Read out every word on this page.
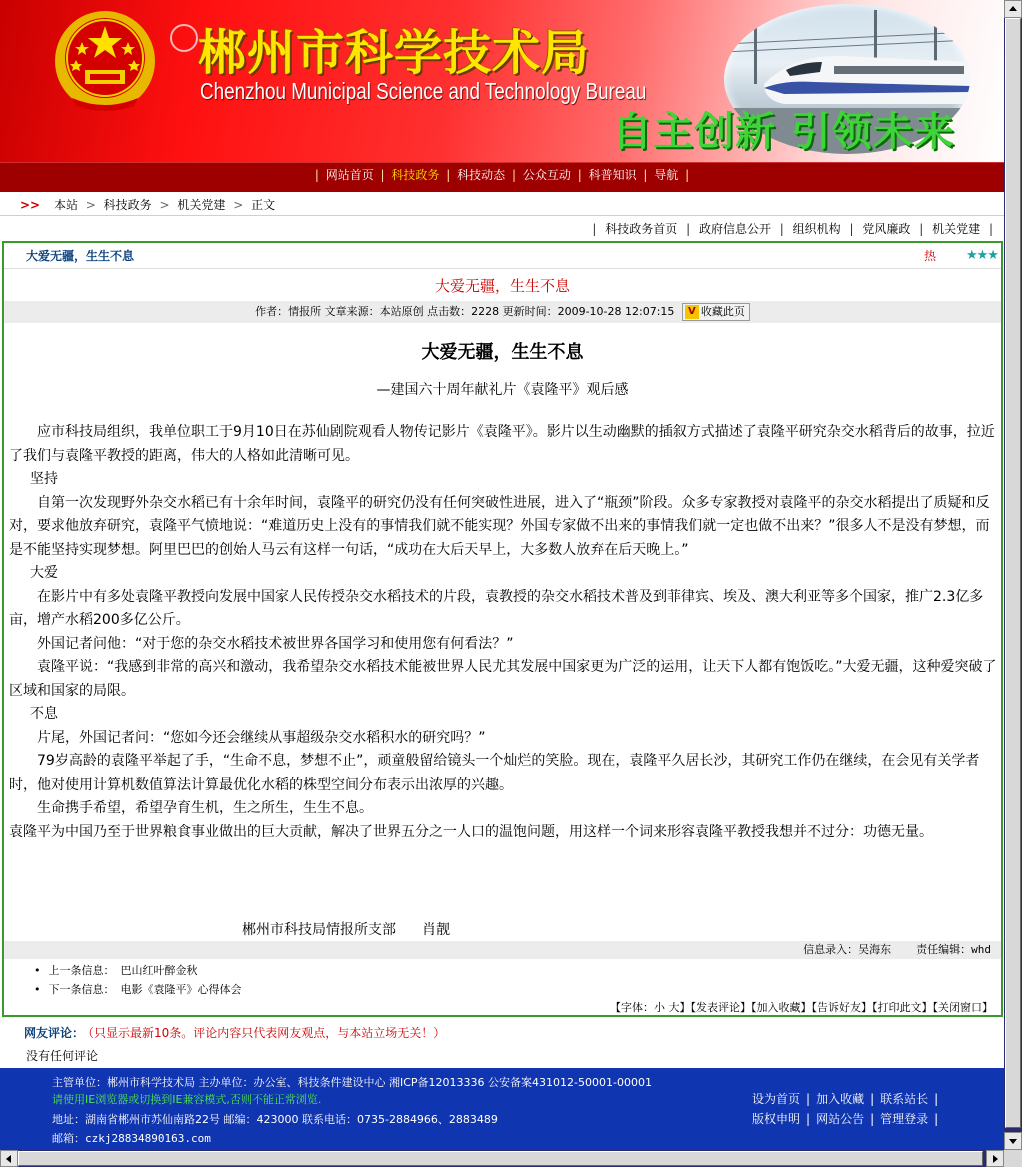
郴州市科学技术局
Chenzhou Municipal Science and Technology Bureau
自主创新 引领未来
| 网站首页 | 科技政务 | 科技动态 | 公众互动 | 科普知识 | 导航 |
>> 本站 > 科技政务 > 机关党建 > 正文
| 科技政务首页 | 政府信息公开 | 组织机构 | 党风廉政 | 机关党建 |
大爱无疆，生生不息	热 ★★★
大爱无疆，生生不息
作者：情报所 文章来源：本站原创 点击数：2228 更新时间：2009-10-28 12:07:15 V 收藏此页
大爱无疆，生生不息
—建国六十周年献礼片《袁隆平》观后感

应市科技局组织，我单位职工于9月10日在苏仙剧院观看人物传记影片《袁隆平》。影片以生动幽默的插叙方式描述了袁隆平研究杂交水稻背后的故事，拉近了我们与袁隆平教授的距离，伟大的人格如此清晰可见。

坚持

自第一次发现野外杂交水稻已有十余年时间，袁隆平的研究仍没有任何突破性进展，进入了“瓶颈”阶段。众多专家教授对袁隆平的杂交水稻提出了质疑和反对，要求他放弃研究，袁隆平气愤地说：“难道历史上没有的事情我们就不能实现？外国专家做不出来的事情我们就一定也做不出来？”很多人不是没有梦想，而是不能坚持实现梦想。阿里巴巴的创始人马云有这样一句话，“成功在大后天早上，大多数人放弃在后天晚上。”

大爱

在影片中有多处袁隆平教授向发展中国家人民传授杂交水稻技术的片段，袁教授的杂交水稻技术普及到菲律宾、埃及、澳大利亚等多个国家，推广2.3亿多亩，增产水稻200多亿公斤。

外国记者问他：“对于您的杂交水稻技术被世界各国学习和使用您有何看法？”

袁隆平说：“我感到非常的高兴和激动，我希望杂交水稻技术能被世界人民尤其发展中国家更为广泛的运用，让天下人都有饱饭吃。”大爱无疆，这种爱突破了区域和国家的局限。

不息

片尾，外国记者问：“您如今还会继续从事超级杂交水稻积水的研究吗？”

79岁高龄的袁隆平举起了手，“生命不息，梦想不止”，顽童般留给镜头一个灿烂的笑脸。现在，袁隆平久居长沙，其研究工作仍在继续，在会见有关学者时，他对使用计算机数值算法计算最优化水稻的株型空间分布表示出浓厚的兴趣。

生命携手希望，希望孕育生机，生之所生，生生不息。

袁隆平为中国乃至于世界粮食事业做出的巨大贡献，解决了世界五分之一人口的温饱问题，用这样一个词来形容袁隆平教授我想并不过分：功德无量。

郴州市科技局情报所支部 肖靓
信息录入：吴海东 责任编辑：whd
• 上一条信息： 巴山红叶醉金秋
• 下一条信息： 电影《袁隆平》心得体会
【字体：小 大】【发表评论】【加入收藏】【告诉好友】【打印此文】【关闭窗口】
网友评论： （只显示最新10条。评论内容只代表网友观点，与本站立场无关！）
没有任何评论
主管单位：郴州市科学技术局 主办单位：办公室、科技条件建设中心 湘ICP备12013336 公安备案431012-50001-00001
请使用IE浏览器或切换到IE兼容模式,否则不能正常浏览.
地址：湖南省郴州市苏仙南路22号 邮编：423000 联系电话：0735-2884966、2883489
邮箱：czkj28834890163.com
设为首页 | 加入收藏 | 联系站长 |
版权申明 | 网站公告 | 管理登录 |
